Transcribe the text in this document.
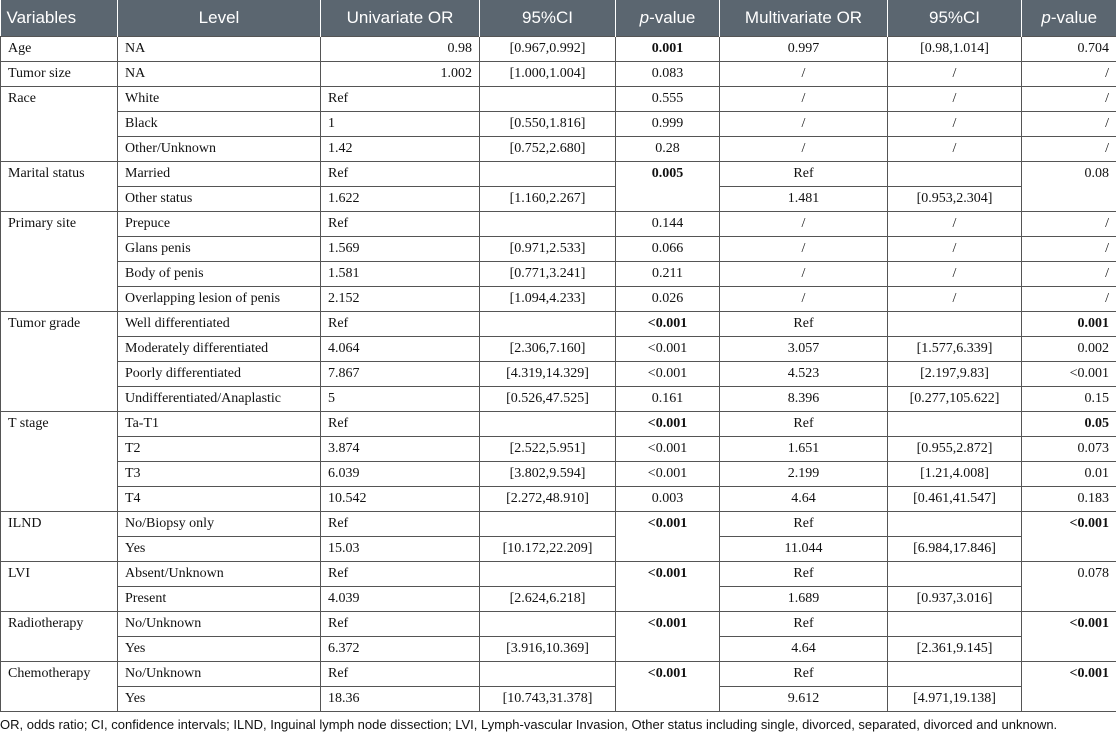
Variables	Level	Univariate OR	95%CI	p-value	Multivariate OR	95%CI	p-value
Age	NA	0.98	[0.967,0.992]	0.001	0.997	[0.98,1.014]	0.704
Tumor size	NA	1.002	[1.000,1.004]	0.083	/	/	/
Race	White	Ref		0.555	/	/	/
	Black	1	[0.550,1.816]	0.999	/	/	/
	Other/Unknown	1.42	[0.752,2.680]	0.28	/	/	/
Marital status	Married	Ref		0.005	Ref		0.08
	Other status	1.622	[1.160,2.267]		1.481	[0.953,2.304]	
Primary site	Prepuce	Ref		0.144	/	/	/
	Glans penis	1.569	[0.971,2.533]	0.066	/	/	/
	Body of penis	1.581	[0.771,3.241]	0.211	/	/	/
	Overlapping lesion of penis	2.152	[1.094,4.233]	0.026	/	/	/
Tumor grade	Well differentiated	Ref		<0.001	Ref		0.001
	Moderately differentiated	4.064	[2.306,7.160]	<0.001	3.057	[1.577,6.339]	0.002
	Poorly differentiated	7.867	[4.319,14.329]	<0.001	4.523	[2.197,9.83]	<0.001
	Undifferentiated/Anaplastic	5	[0.526,47.525]	0.161	8.396	[0.277,105.622]	0.15
T stage	Ta-T1	Ref		<0.001	Ref		0.05
	T2	3.874	[2.522,5.951]	<0.001	1.651	[0.955,2.872]	0.073
	T3	6.039	[3.802,9.594]	<0.001	2.199	[1.21,4.008]	0.01
	T4	10.542	[2.272,48.910]	0.003	4.64	[0.461,41.547]	0.183
ILND	No/Biopsy only	Ref		<0.001	Ref		<0.001
	Yes	15.03	[10.172,22.209]		11.044	[6.984,17.846]	
LVI	Absent/Unknown	Ref		<0.001	Ref		0.078
	Present	4.039	[2.624,6.218]		1.689	[0.937,3.016]	
Radiotherapy	No/Unknown	Ref		<0.001	Ref		<0.001
	Yes	6.372	[3.916,10.369]		4.64	[2.361,9.145]	
Chemotherapy	No/Unknown	Ref		<0.001	Ref		<0.001
	Yes	18.36	[10.743,31.378]		9.612	[4.971,19.138]	
OR, odds ratio; CI, confidence intervals; ILND, Inguinal lymph node dissection; LVI, Lymph-vascular Invasion, Other status including single, divorced, separated, divorced and unknown.
